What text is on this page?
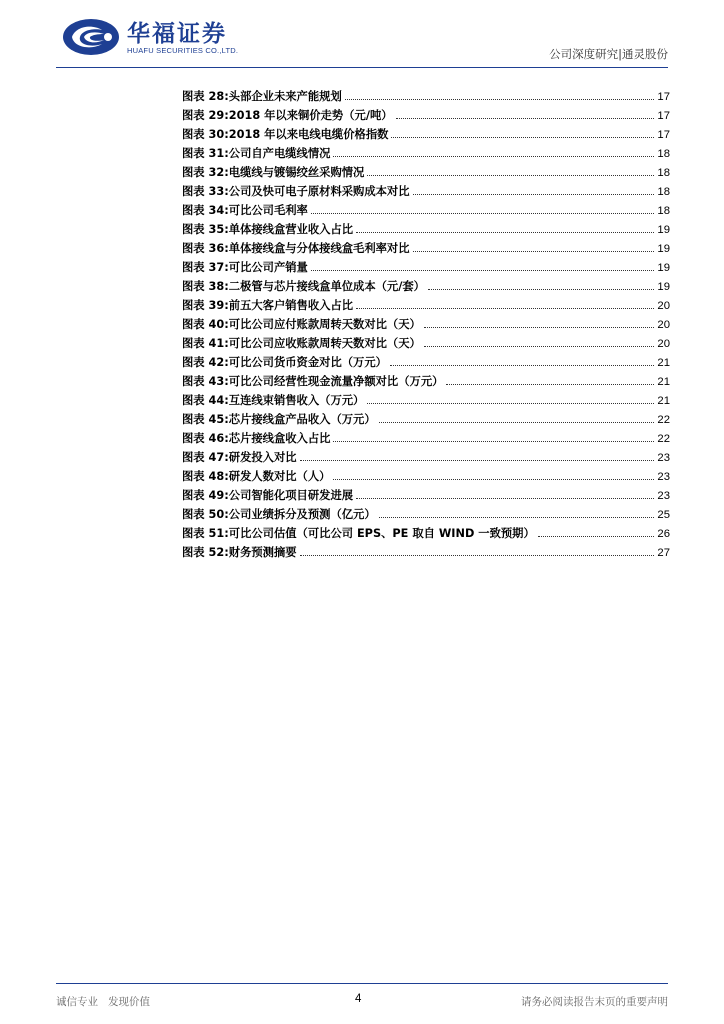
华福证券
HUAFU SECURITIES CO.,LTD.	公司深度研究|通灵股份
图表 28: 头部企业未来产能规划	17
图表 29: 2018 年以来铜价走势（元/吨）	17
图表 30: 2018 年以来电线电缆价格指数	17
图表 31: 公司自产电缆线情况	18
图表 32: 电缆线与镀锡绞丝采购情况	18
图表 33: 公司及快可电子原材料采购成本对比	18
图表 34: 可比公司毛利率	18
图表 35: 单体接线盒营业收入占比	19
图表 36: 单体接线盒与分体接线盒毛利率对比	19
图表 37: 可比公司产销量	19
图表 38: 二极管与芯片接线盒单位成本（元/套）	19
图表 39: 前五大客户销售收入占比	20
图表 40: 可比公司应付账款周转天数对比（天）	20
图表 41: 可比公司应收账款周转天数对比（天）	20
图表 42: 可比公司货币资金对比（万元）	21
图表 43: 可比公司经营性现金流量净额对比（万元）	21
图表 44: 互连线束销售收入（万元）	21
图表 45: 芯片接线盒产品收入（万元）	22
图表 46: 芯片接线盒收入占比	22
图表 47: 研发投入对比	23
图表 48: 研发人数对比（人）	23
图表 49: 公司智能化项目研发进展	23
图表 50: 公司业绩拆分及预测（亿元）	25
图表 51: 可比公司估值（可比公司 EPS、PE 取自 WIND 一致预期）	26
图表 52: 财务预测摘要	27
诚信专业   发现价值	4	请务必阅读报告末页的重要声明
